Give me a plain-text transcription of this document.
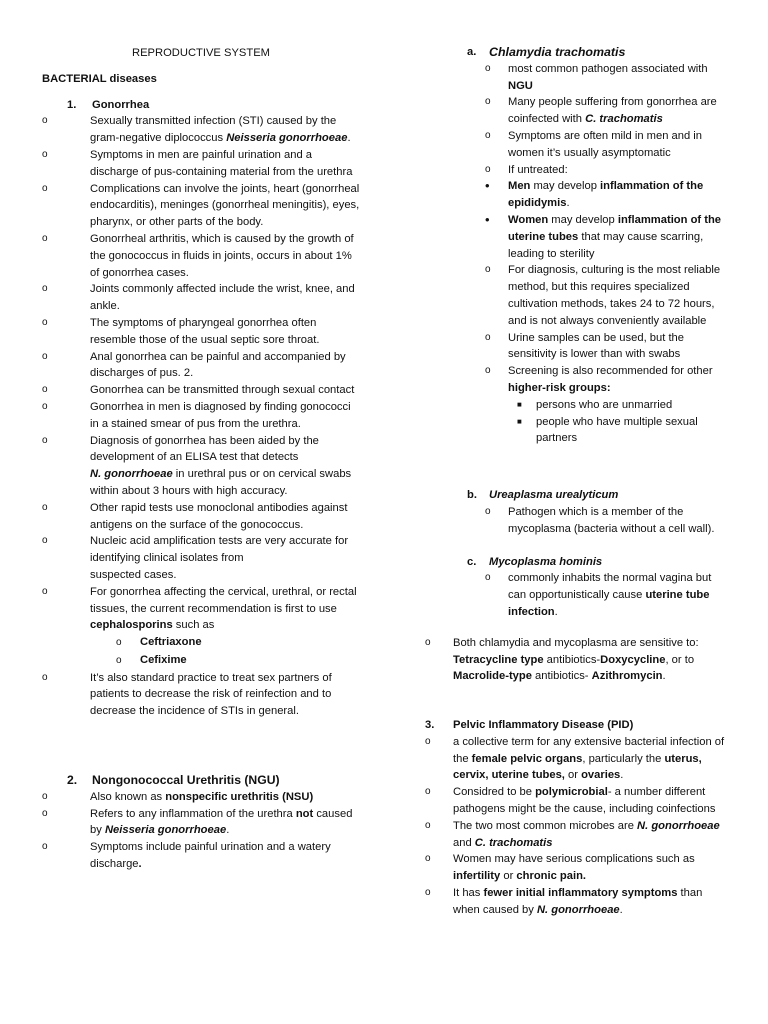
REPRODUCTIVE SYSTEM
BACTERIAL diseases
1.	Gonorrhea
o	Sexually transmitted infection (STI) caused by the gram-negative diplococcus Neisseria gonorrhoeae.
o	Symptoms in men are painful urination and a discharge of pus-containing material from the urethra
o	Complications can involve the joints, heart (gonorrheal endocarditis), meninges (gonorrheal meningitis), eyes, pharynx, or other parts of the body.
o	Gonorrheal arthritis, which is caused by the growth of the gonococcus in fluids in joints, occurs in about 1% of gonorrhea cases.
o	Joints commonly affected include the wrist, knee, and ankle.
o	The symptoms of pharyngeal gonorrhea often resemble those of the usual septic sore throat.
o	Anal gonorrhea can be painful and accompanied by discharges of pus. 2.
o	Gonorrhea can be transmitted through sexual contact
o	Gonorrhea in men is diagnosed by finding gonococci in a stained smear of pus from the urethra.
o	Diagnosis of gonorrhea has been aided by the development of an ELISA test that detects
N. gonorrhoeae in urethral pus or on cervical swabs within about 3 hours with high accuracy.
o	Other rapid tests use monoclonal antibodies against antigens on the surface of the gonococcus.
o	Nucleic acid amplification tests are very accurate for identifying clinical isolates from
suspected cases.
o	For gonorrhea affecting the cervical, urethral, or rectal tissues, the current recommendation is first to use cephalosporins such as
o	Ceftriaxone
o	Cefixime
o	It’s also standard practice to treat sex partners of patients to decrease the risk of reinfection and to decrease the incidence of STIs in general.
2.	Nongonococcal Urethritis (NGU)
o	Also known as nonspecific urethritis (NSU)
o	Refers to any inflammation of the urethra not caused by Neisseria gonorrhoeae.
o	Symptoms include painful urination and a watery discharge.
a.	Chlamydia trachomatis
o	most common pathogen associated with
NGU
o	Many people suffering from gonorrhea are coinfected with C. trachomatis
o	Symptoms are often mild in men and in women it’s usually asymptomatic
o	If untreated:
•	Men may develop inflammation of the epididymis.
•	Women may develop inflammation of the uterine tubes that may cause scarring, leading to sterility
o	For diagnosis, culturing is the most reliable method, but this requires specialized cultivation methods, takes 24 to 72 hours, and is not always conveniently available
o	Urine samples can be used, but the sensitivity is lower than with swabs
o	Screening is also recommended for other higher-risk groups:
■	persons who are unmarried
■	people who have multiple sexual partners
b.	Ureaplasma urealyticum
o	Pathogen which is a member of the mycoplasma (bacteria without a cell wall).
c.	Mycoplasma hominis
o	commonly inhabits the normal vagina but can opportunistically cause uterine tube infection.
o	Both chlamydia and mycoplasma are sensitive to: Tetracycline type antibiotics-Doxycycline, or to Macrolide-type antibiotics- Azithromycin.
3.	Pelvic Inflammatory Disease (PID)
o	a collective term for any extensive bacterial infection of the female pelvic organs, particularly the uterus, cervix, uterine tubes, or ovaries.
o	Considred to be polymicrobial- a number different pathogens might be the cause, including coinfections
o	The two most common microbes are N. gonorrhoeae and C. trachomatis
o	Women may have serious complications such as infertility or chronic pain.
o	It has fewer initial inflammatory symptoms than when caused by N. gonorrhoeae.
